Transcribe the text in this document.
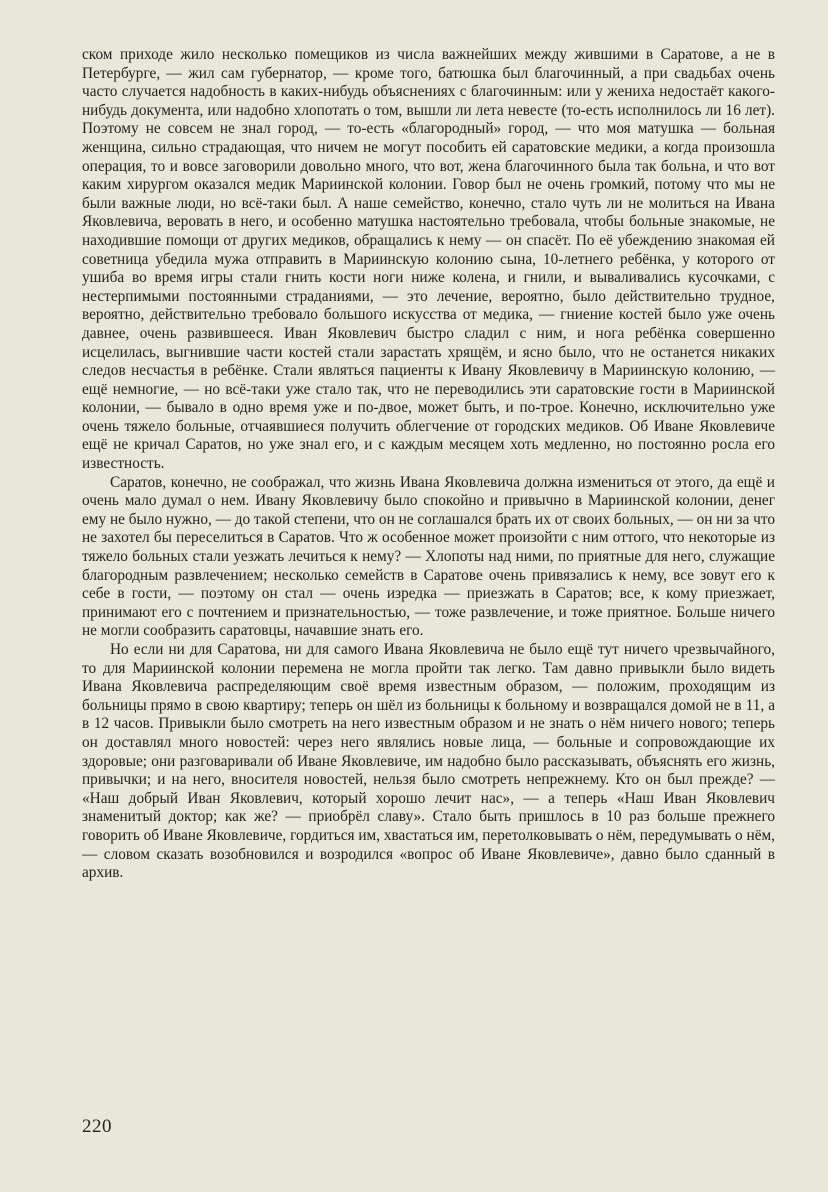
ском приходе жило несколько помещиков из числа важнейших между жившими в Саратове, а не в Петербурге, — жил сам губернатор, — кроме того, батюшка был благочинный, а при свадьбах очень часто случается надобность в каких-нибудь объяснениях с благочинным: или у жениха недостаёт какого-нибудь документа, или надобно хлопотать о том, вышли ли лета невесте (то-есть исполнилось ли 16 лет). Поэтому не совсем не знал город, — то-есть «благородный» город, — что моя матушка — больная женщина, сильно страдающая, что ничем не могут пособить ей саратовские медики, а когда произошла операция, то и вовсе заговорили довольно много, что вот, жена благочинного была так больна, и что вот каким хирургом оказался медик Мариинской колонии. Говор был не очень громкий, потому что мы не были важные люди, но всё-таки был. А наше семейство, конечно, стало чуть ли не молиться на Ивана Яковлевича, веровать в него, и особенно матушка настоятельно требовала, чтобы больные знакомые, не находившие помощи от других медиков, обращались к нему — он спасёт. По её убеждению знакомая ей советница убедила мужа отправить в Мариинскую колонию сына, 10-летнего ребёнка, у которого от ушиба во время игры стали гнить кости ноги ниже колена, и гнили, и вываливались кусочками, с нестерпимыми постоянными страданиями, — это лечение, вероятно, было действительно трудное, вероятно, действительно требовало большого искусства от медика, — гниение костей было уже очень давнее, очень развившееся. Иван Яковлевич быстро сладил с ним, и нога ребёнка совершенно исцелилась, выгнившие части костей стали зарастать хрящём, и ясно было, что не останется никаких следов несчастья в ребёнке. Стали являться пациенты к Ивану Яковлевичу в Мариинскую колонию, — ещё немногие, — но всё-таки уже стало так, что не переводились эти саратовские гости в Мариинской колонии, — бывало в одно время уже и по-двое, может быть, и по-трое. Конечно, исключительно уже очень тяжело больные, отчаявшиеся получить облегчение от городских медиков. Об Иване Яковлевиче ещё не кричал Саратов, но уже знал его, и с каждым месяцем хоть медленно, но постоянно росла его известность.

Саратов, конечно, не соображал, что жизнь Ивана Яковлевича должна измениться от этого, да ещё и очень мало думал о нем. Ивану Яковлевичу было спокойно и привычно в Мариинской колонии, денег ему не было нужно, — до такой степени, что он не соглашался брать их от своих больных, — он ни за что не захотел бы переселиться в Саратов. Что ж особенное может произойти с ним оттого, что некоторые из тяжело больных стали уезжать лечиться к нему? — Хлопоты над ними, по приятные для него, служащие благородным развлечением; несколько семейств в Саратове очень привязались к нему, все зовут его к себе в гости, — поэтому он стал — очень изредка — приезжать в Саратов; все, к кому приезжает, принимают его с почтением и признательностью, — тоже развлечение, и тоже приятное. Больше ничего не могли сообразить саратовцы, начавшие знать его.

Но если ни для Саратова, ни для самого Ивана Яковлевича не было ещё тут ничего чрезвычайного, то для Мариинской колонии перемена не могла пройти так легко. Там давно привыкли было видеть Ивана Яковлевича распределяющим своё время известным образом, — положим, проходящим из больницы прямо в свою квартиру; теперь он шёл из больницы к больному и возвращался домой не в 11, а в 12 часов. Привыкли было смотреть на него известным образом и не знать о нём ничего нового; теперь он доставлял много новостей: через него являлись новые лица, — больные и сопровождающие их здоровые; они разговаривали об Иване Яковлевиче, им надобно было рассказывать, объяснять его жизнь, привычки; и на него, вносителя новостей, нельзя было смотреть непрежнему. Кто он был прежде? — «Наш добрый Иван Яковлевич, который хорошо лечит нас», — а теперь «Наш Иван Яковлевич знаменитый доктор; как же? — приобрёл славу». Стало быть пришлось в 10 раз больше прежнего говорить об Иване Яковлевиче, гордиться им, хвастаться им, перетолковывать о нём, передумывать о нём, — словом сказать возобновился и возродился «вопрос об Иване Яковлевиче», давно было сданный в архив.

220
